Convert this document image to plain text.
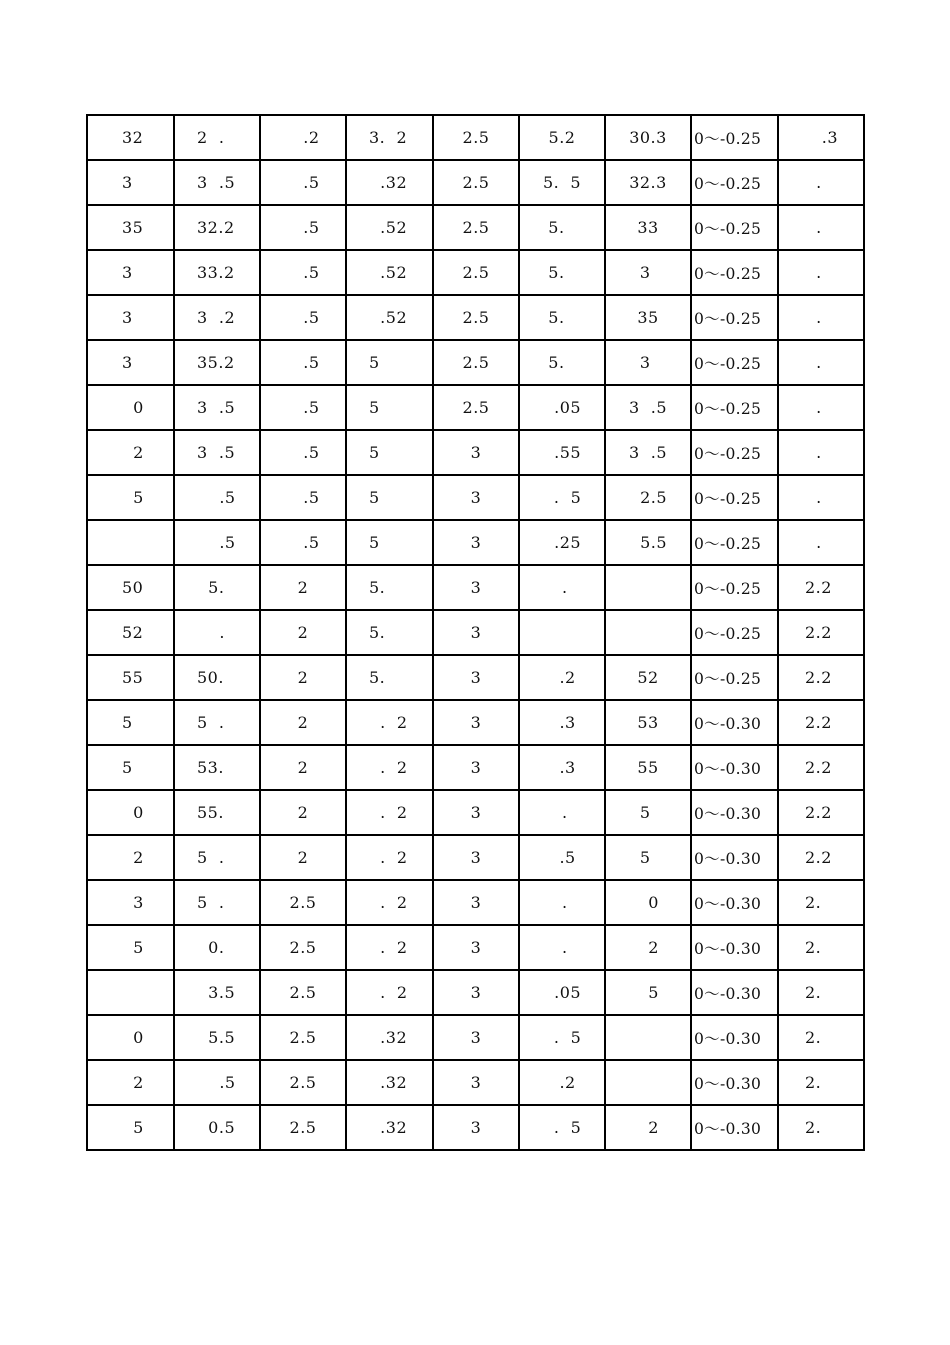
32	2  .	.2	3.  2	2.5	5.2	30.3	0～-0.25	.3
3	3  .5	.5	.32	2.5	5.  5	32.3	0～-0.25	.
35	32.2	.5	.52	2.5	5.	33	0～-0.25	.
3	33.2	.5	.52	2.5	5.	3	0～-0.25	.
3	3  .2	.5	.52	2.5	5.	35	0～-0.25	.
3	35.2	.5	5	2.5	5.	3	0～-0.25	.
0	3  .5	.5	5	2.5	.05	3  .5	0～-0.25	.
2	3  .5	.5	5	3	.55	3  .5	0～-0.25	.
5	.5	.5	5	3	.  5	2.5	0～-0.25	.
	.5	.5	5	3	.25	5.5	0～-0.25	.
50	5.	2	5.	3	.		0～-0.25	2.2
52	.	2	5.	3			0～-0.25	2.2
55	50.	2	5.	3	.2	52	0～-0.25	2.2
5	5  .	2	.  2	3	.3	53	0～-0.30	2.2
5	53.	2	.  2	3	.3	55	0～-0.30	2.2
0	55.	2	.  2	3	.	5	0～-0.30	2.2
2	5  .	2	.  2	3	.5	5	0～-0.30	2.2
3	5  .	2.5	.  2	3	.	0	0～-0.30	2.
5	0.	2.5	.  2	3	.	2	0～-0.30	2.
	3.5	2.5	.  2	3	.05	5	0～-0.30	2.
0	5.5	2.5	.32	3	.  5		0～-0.30	2.
2	.5	2.5	.32	3	.2		0～-0.30	2.
5	0.5	2.5	.32	3	.  5	2	0～-0.30	2.
